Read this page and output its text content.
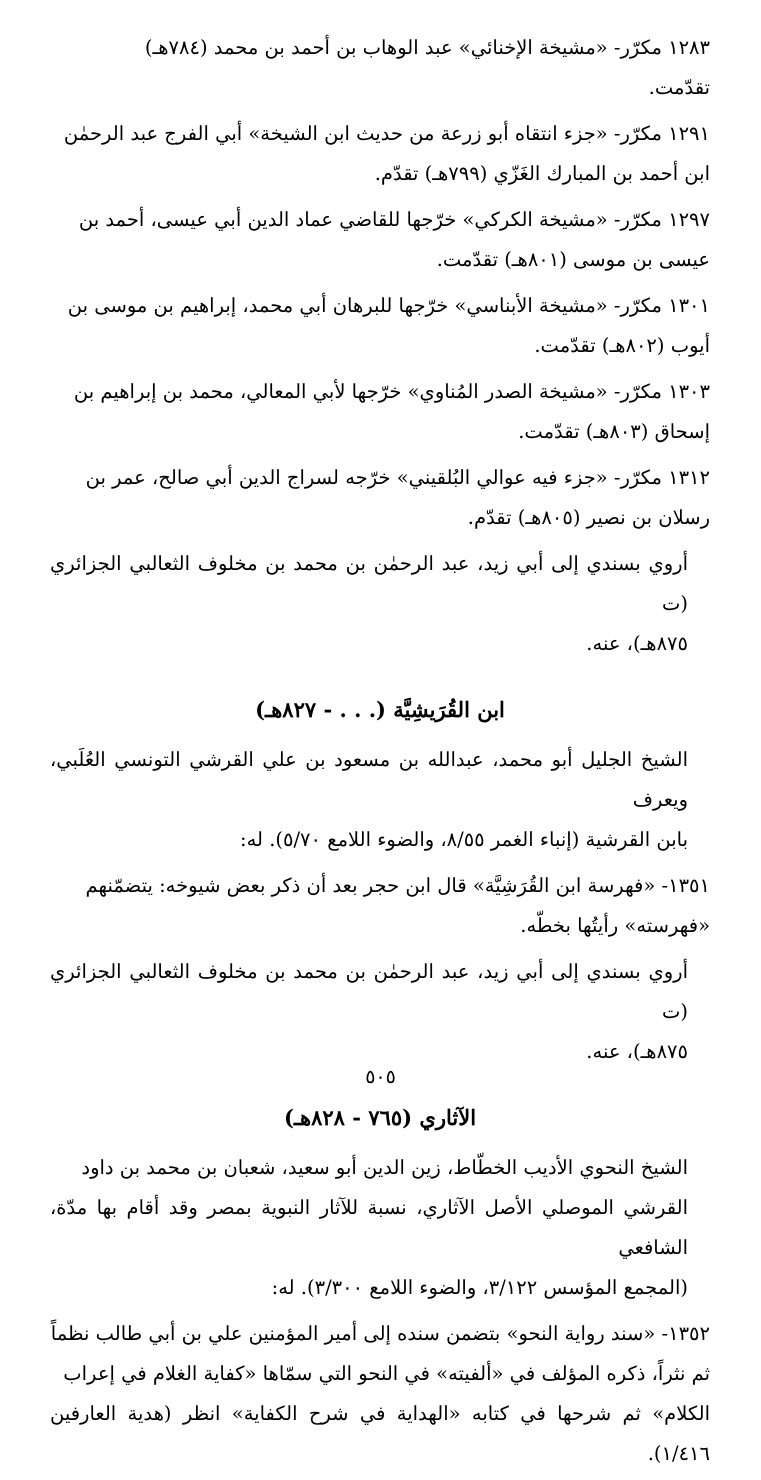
١٢٨٣ مكرّر- «مشيخة الإخنائي» عبد الوهاب بن أحمد بن محمد (٧٨٤هـ)
تقدّمت.
١٢٩١ مكرّر- «جزء انتقاه أبو زرعة من حديث ابن الشيخة» أبي الفرج عبد الرحمٰن
ابن أحمد بن المبارك الغَزّي (٧٩٩هـ) تقدّم.
١٢٩٧ مكرّر- «مشيخة الكركي» خرّجها للقاضي عماد الدين أبي عيسى، أحمد بن
عيسى بن موسى (٨٠١هـ) تقدّمت.
١٣٠١ مكرّر- «مشيخة الأبناسي» خرّجها للبرهان أبي محمد، إبراهيم بن موسى بن
أيوب (٨٠٢هـ) تقدّمت.
١٣٠٣ مكرّر- «مشيخة الصدر المُناوي» خرّجها لأبي المعالي، محمد بن إبراهيم بن
إسحاق (٨٠٣هـ) تقدّمت.
١٣١٢ مكرّر- «جزء فيه عوالي البُلقيني» خرّجه لسراج الدين أبي صالح، عمر بن
رسلان بن نصير (٨٠٥هـ) تقدّم.
أروي بسندي إلى أبي زيد، عبد الرحمٰن بن محمد بن مخلوف الثعالبي الجزائري (ت
٨٧٥هـ)، عنه.
ابن القُرَيشِيَّة (. . . - ٨٢٧هـ)
الشيخ الجليل أبو محمد، عبدالله بن مسعود بن علي القرشي التونسي العُلَبي، ويعرف
بابن القرشية (إنباء الغمر ٨/٥٥، والضوء اللامع ٥/٧٠). له:
١٣٥١- «فهرسة ابن القُرَشِيَّة» قال ابن حجر بعد أن ذكر بعض شيوخه: يتضمّنهم
«فهرسته» رأيتُها بخطّه.
أروي بسندي إلى أبي زيد، عبد الرحمٰن بن محمد بن مخلوف الثعالبي الجزائري (ت
٨٧٥هـ)، عنه.
الآثاري (٧٦٥ - ٨٢٨هـ)
الشيخ النحوي الأديب الخطّاط، زين الدين أبو سعيد، شعبان بن محمد بن داود
القرشي الموصلي الأصل الآثاري، نسبة للآثار النبوية بمصر وقد أقام بها مدّة، الشافعي
(المجمع المؤسس ٣/١٢٢، والضوء اللامع ٣/٣٠٠). له:
١٣٥٢- «سند رواية النحو» بتضمن سنده إلى أمير المؤمنين علي بن أبي طالب نظماً
ثم نثراً، ذكره المؤلف في «ألفيته» في النحو التي سمّاها «كفاية الغلام في إعراب
الكلام» ثم شرحها في كتابه «الهداية في شرح الكفاية» انظر (هدية العارفين ١/٤١٦).
٥٠٥
